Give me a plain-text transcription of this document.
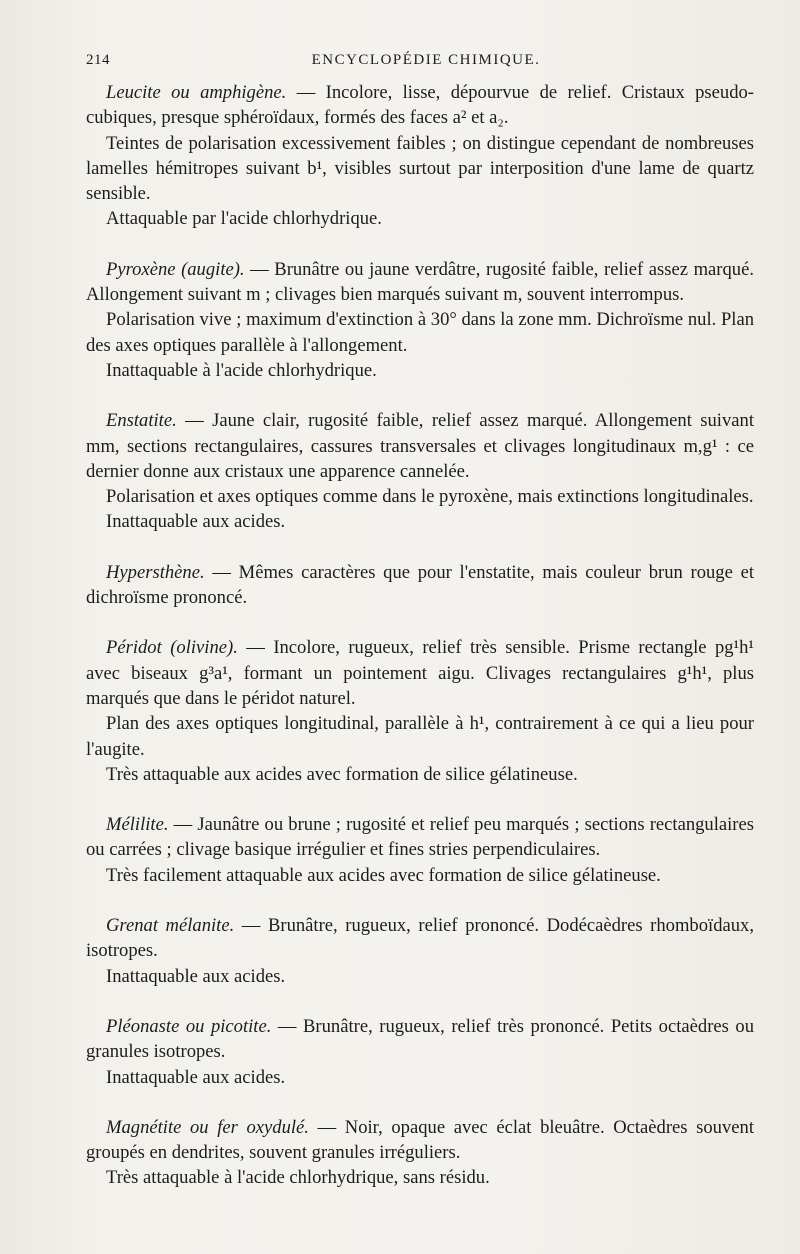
214	ENCYCLOPÉDIE CHIMIQUE.

Leucite ou amphigène. — Incolore, lisse, dépourvue de relief. Cristaux pseudo-cubiques, presque sphéroïdaux, formés des faces a² et a₂.

Teintes de polarisation excessivement faibles ; on distingue cependant de nombreuses lamelles hémitropes suivant b¹, visibles surtout par interposition d'une lame de quartz sensible.

Attaquable par l'acide chlorhydrique.

Pyroxène (augite). — Brunâtre ou jaune verdâtre, rugosité faible, relief assez marqué. Allongement suivant m ; clivages bien marqués suivant m, souvent interrompus.

Polarisation vive ; maximum d'extinction à 30° dans la zone mm. Dichroïsme nul. Plan des axes optiques parallèle à l'allongement.

Inattaquable à l'acide chlorhydrique.

Enstatite. — Jaune clair, rugosité faible, relief assez marqué. Allongement suivant mm, sections rectangulaires, cassures transversales et clivages longitudinaux m,g¹ : ce dernier donne aux cristaux une apparence cannelée.

Polarisation et axes optiques comme dans le pyroxène, mais extinctions longitudinales.

Inattaquable aux acides.

Hypersthène. — Mêmes caractères que pour l'enstatite, mais couleur brun rouge et dichroïsme prononcé.

Péridot (olivine). — Incolore, rugueux, relief très sensible. Prisme rectangle pg¹h¹ avec biseaux g³a¹, formant un pointement aigu. Clivages rectangulaires g¹h¹, plus marqués que dans le péridot naturel.

Plan des axes optiques longitudinal, parallèle à h¹, contrairement à ce qui a lieu pour l'augite.

Très attaquable aux acides avec formation de silice gélatineuse.

Mélilite. — Jaunâtre ou brune ; rugosité et relief peu marqués ; sections rectangulaires ou carrées ; clivage basique irrégulier et fines stries perpendiculaires.

Très facilement attaquable aux acides avec formation de silice gélatineuse.

Grenat mélanite. — Brunâtre, rugueux, relief prononcé. Dodécaèdres rhomboïdaux, isotropes.

Inattaquable aux acides.

Pléonaste ou picotite. — Brunâtre, rugueux, relief très prononcé. Petits octaèdres ou granules isotropes.

Inattaquable aux acides.

Magnétite ou fer oxydulé. — Noir, opaque avec éclat bleuâtre. Octaèdres souvent groupés en dendrites, souvent granules irréguliers.

Très attaquable à l'acide chlorhydrique, sans résidu.
